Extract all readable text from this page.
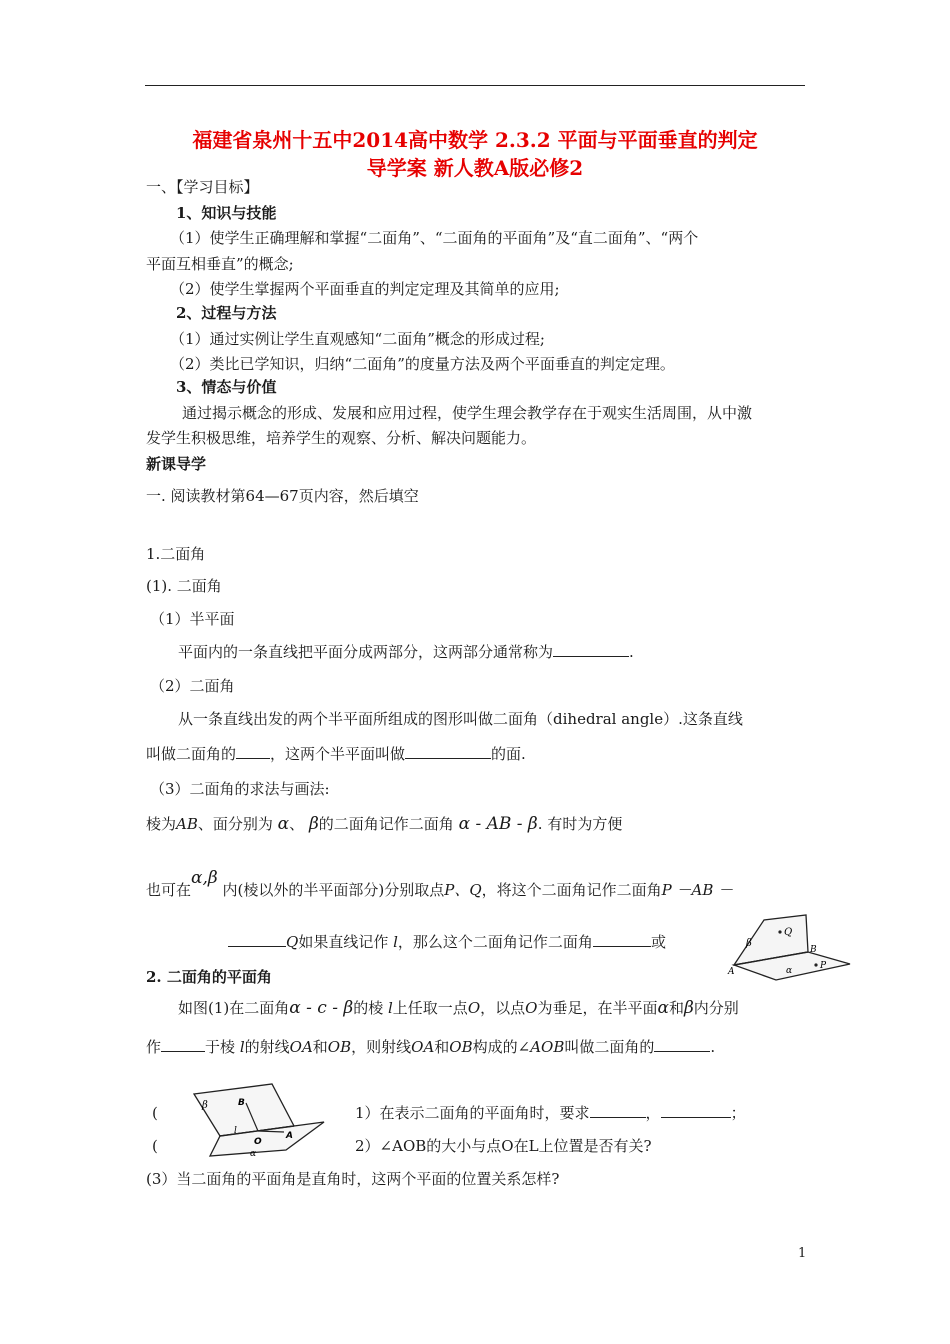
福建省泉州十五中2014高中数学 2.3.2 平面与平面垂直的判定
导学案 新人教A版必修2
一、【学习目标】
1、知识与技能
（1）使学生正确理解和掌握“二面角”、“二面角的平面角”及“直二面角”、“两个
平面互相垂直”的概念;
（2）使学生掌握两个平面垂直的判定定理及其简单的应用;
2、过程与方法
（1）通过实例让学生直观感知“二面角”概念的形成过程;
（2）类比已学知识，归纳“二面角”的度量方法及两个平面垂直的判定定理。
3、情态与价值
通过揭示概念的形成、发展和应用过程，使学生理会教学存在于观实生活周围，从中激
发学生积极思维，培养学生的观察、分析、解决问题能力。
新课导学
一. 阅读教材第64—67页内容，然后填空
1.二面角
(1). 二面角
（1）半平面
平面内的一条直线把平面分成两部分，这两部分通常称为	.
（2）二面角
从一条直线出发的两个半平面所组成的图形叫做二面角（dihedral angle）.这条直线
叫做二面角的 ，这两个半平面叫做	的面.
（3）二面角的求法与画法:
棱为AB、面分别为 α、 β的二面角记作二面角 α - AB - β. 有时为方便
也可在α,β 内(棱以外的半平面部分)分别取点P、Q，将这个二面角记作二面角P －AB －
Q如果直线记作 l，那么这个二面角记作二面角	或	β
Q
B
A	α	P
2. 二面角的平面角
如图(1)在二面角α - c - β的棱 l上任取一点O，以点O为垂足，在半平面α和β内分别
作	于棱 l的射线OA和OB，则射线OA和OB构成的∠AOB叫做二面角的	.
β	B
l
O
A
α
(
(
1）在表示二面角的平面角时，要求	，	；
2）∠AOB的大小与点O在L上位置是否有关?
(3）当二面角的平面角是直角时，这两个平面的位置关系怎样?
1
